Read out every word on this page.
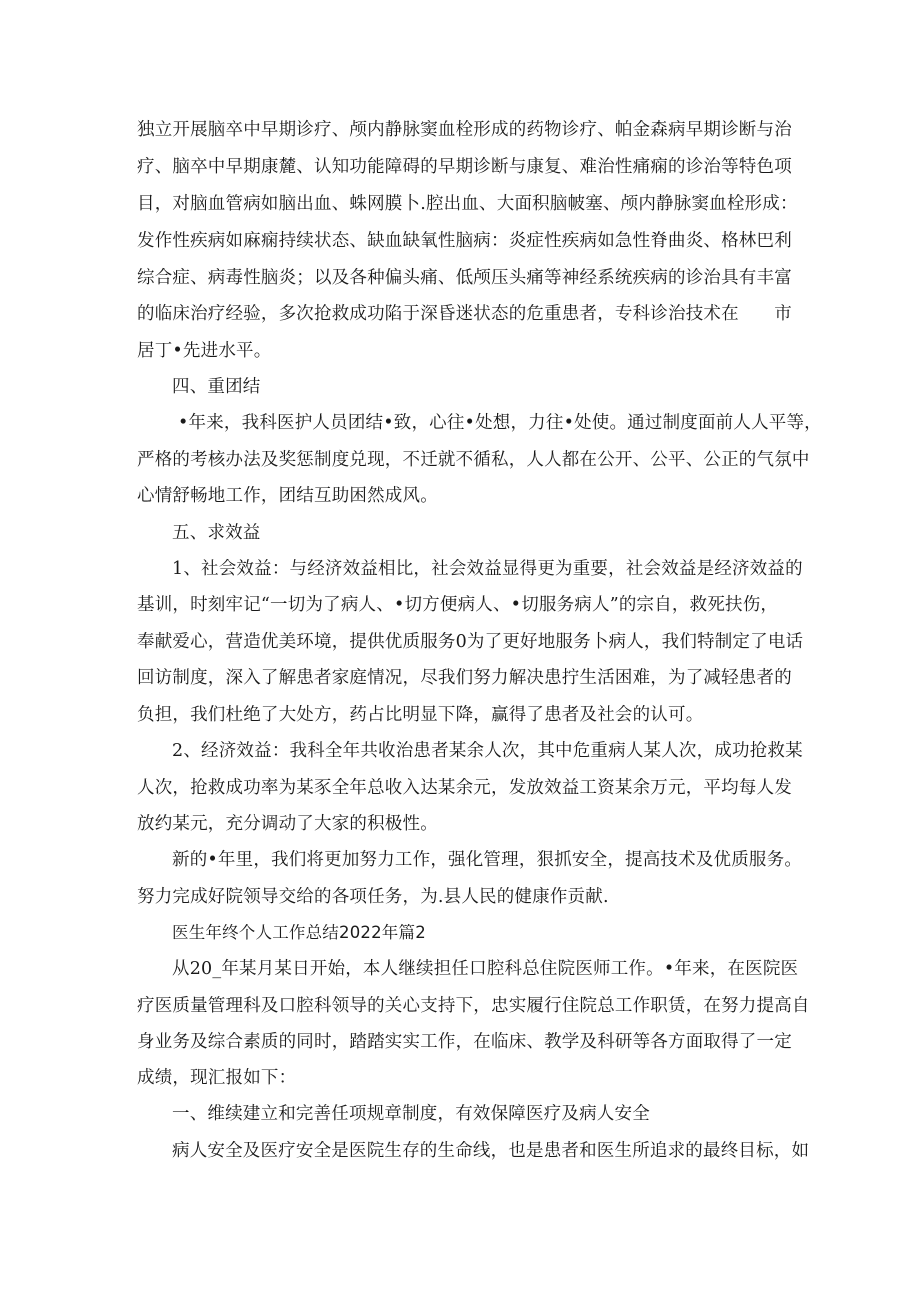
独立开展脑卒中早期诊疗、颅内静脉窦血栓形成的药物诊疗、帕金森病早期诊断与治
疗、脑卒中早期康麓、认知功能障碍的早期诊断与康复、难治性痛痫的诊治等特色项
目，对脑血管病如脑出血、蛛网膜卜.腔出血、大面积脑帔塞、颅内静脉窦血栓形成：
发作性疾病如麻痫持续状态、缺血缺氧性脑病：炎症性疾病如急性脊曲炎、格林巴利
综合症、病毒性脑炎；以及各种偏头痛、低颅压头痛等神经系统疾病的诊治具有丰富
的临床治疗经验，多次抢救成功陷于深昏迷状态的危重患者，专科诊治技术在　　市
居丁•先进水平。
四、重团结
•年来，我科医护人员团结•致，心往•处想，力往•处使。通过制度面前人人平等，
严格的考核办法及奖惩制度兑现，不迁就不循私，人人都在公开、公平、公正的气氛中
心情舒畅地工作，团结互助困然成风。
五、求效益
1、社会效益：与经济效益相比，社会效益显得更为重要，社会效益是经济效益的
基训，时刻牢记“一切为了病人、•切方便病人、•切服务病人”的宗自，救死扶伤，
奉献爱心，营造优美环境，提供优质服务0为了更好地服务卜病人，我们特制定了电话
回访制度，深入了解患者家庭情况，尽我们努力解决患拧生活困难，为了减轻患者的
负担，我们杜绝了大处方，药占比明显下降，赢得了患者及社会的认可。
2、经济效益：我科全年共收治患者某余人次，其中危重病人某人次，成功抢救某
人次，抢救成功率为某豕全年总收入达某余元，发放效益工资某余万元，平均每人发
放约某元，充分调动了大家的积极性。
新的•年里，我们将更加努力工作，强化管理，狠抓安全，提高技术及优质服务。
努力完成好院领导交给的各项任务，为.县人民的健康作贡献.
医生年终个人工作总结2022年篇2
从20_年某月某日开始，本人继续担任口腔科总住院医师工作。•年来，在医院医
疗医质量管理科及口腔科领导的关心支持下，忠实履行住院总工作职赁，在努力提高自
身业务及综合素质的同时，踏踏实实工作，在临床、教学及科研等各方面取得了一定
成绩，现汇报如下：
一、维续建立和完善任项规章制度，有效保障医疗及病人安全
病人安全及医疗安全是医院生存的生命线，也是患者和医生所追求的最终目标，如
